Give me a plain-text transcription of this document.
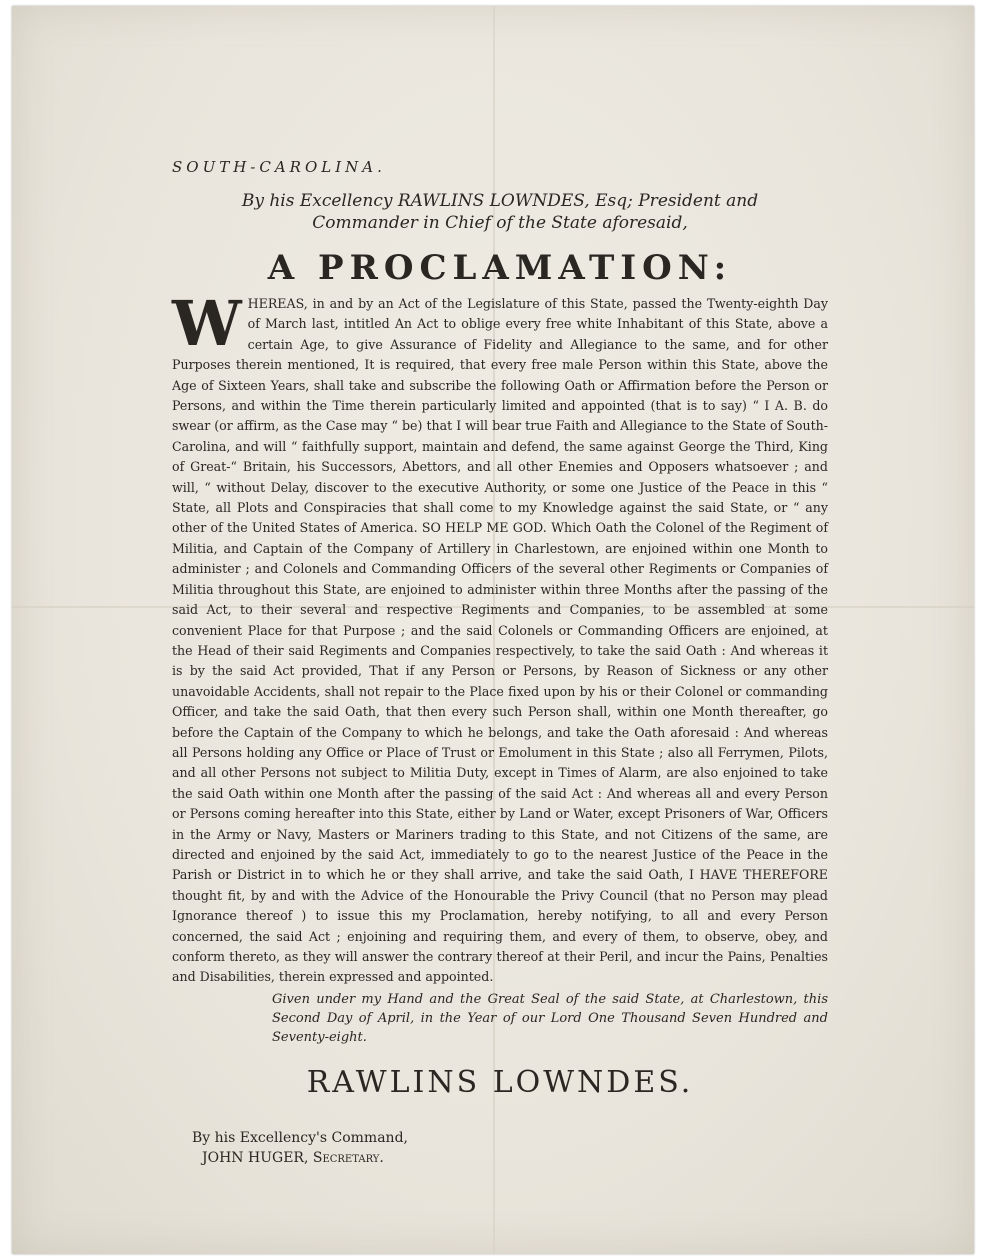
SOUTH-CAROLINA.
By his Excellency RAWLINS LOWNDES, Esq; President and
Commander in Chief of the State aforesaid,
A PROCLAMATION:
W HEREAS, in and by an Act of the Legislature of this State, passed the Twenty-eighth Day of March last, intitled An Act to oblige every free white Inhabitant of this State, above a certain Age, to give Assurance of Fidelity and Allegiance to the same, and for other Purposes therein mentioned, It is required, that every free male Person within this State, above the Age of Sixteen Years, shall take and subscribe the following Oath or Affirmation before the Person or Persons, and within the Time therein particularly limited and appointed (that is to say) “ I A. B. do swear (or affirm, as the Case may “ be) that I will bear true Faith and Allegiance to the State of South-Carolina, and will “ faithfully support, maintain and defend, the same against George the Third, King of Great-“ Britain, his Successors, Abettors, and all other Enemies and Opposers whatsoever ; and will, “ without Delay, discover to the executive Authority, or some one Justice of the Peace in this “ State, all Plots and Conspiracies that shall come to my Knowledge against the said State, or “ any other of the United States of America. SO HELP ME GOD. Which Oath the Colonel of the Regiment of Militia, and Captain of the Company of Artillery in Charlestown, are enjoined within one Month to administer ; and Colonels and Commanding Officers of the several other Regiments or Companies of Militia throughout this State, are enjoined to administer within three Months after the passing of the said Act, to their several and respective Regiments and Companies, to be assembled at some convenient Place for that Purpose ; and the said Colonels or Commanding Officers are enjoined, at the Head of their said Regiments and Companies respectively, to take the said Oath : And whereas it is by the said Act provided, That if any Person or Persons, by Reason of Sickness or any other unavoidable Accidents, shall not repair to the Place fixed upon by his or their Colonel or commanding Officer, and take the said Oath, that then every such Person shall, within one Month thereafter, go before the Captain of the Company to which he belongs, and take the Oath aforesaid : And whereas all Persons holding any Office or Place of Trust or Emolument in this State ; also all Ferrymen, Pilots, and all other Persons not subject to Militia Duty, except in Times of Alarm, are also enjoined to take the said Oath within one Month after the passing of the said Act : And whereas all and every Person or Persons coming hereafter into this State, either by Land or Water, except Prisoners of War, Officers in the Army or Navy, Masters or Mariners trading to this State, and not Citizens of the same, are directed and enjoined by the said Act, immediately to go to the nearest Justice of the Peace in the Parish or District in to which he or they shall arrive, and take the said Oath, I HAVE THEREFORE thought fit, by and with the Advice of the Honourable the Privy Council (that no Person may plead Ignorance thereof ) to issue this my Proclamation, hereby notifying, to all and every Person concerned, the said Act ; enjoining and requiring them, and every of them, to observe, obey, and conform thereto, as they will answer the contrary thereof at their Peril, and incur the Pains, Penalties and Disabilities, therein expressed and appointed.
Given under my Hand and the Great Seal of the said State, at Charlestown, this Second Day of April, in the Year of our Lord One Thousand Seven Hundred and Seventy-eight.
RAWLINS LOWNDES.
By his Excellency's Command,
JOHN HUGER, Secretary.
